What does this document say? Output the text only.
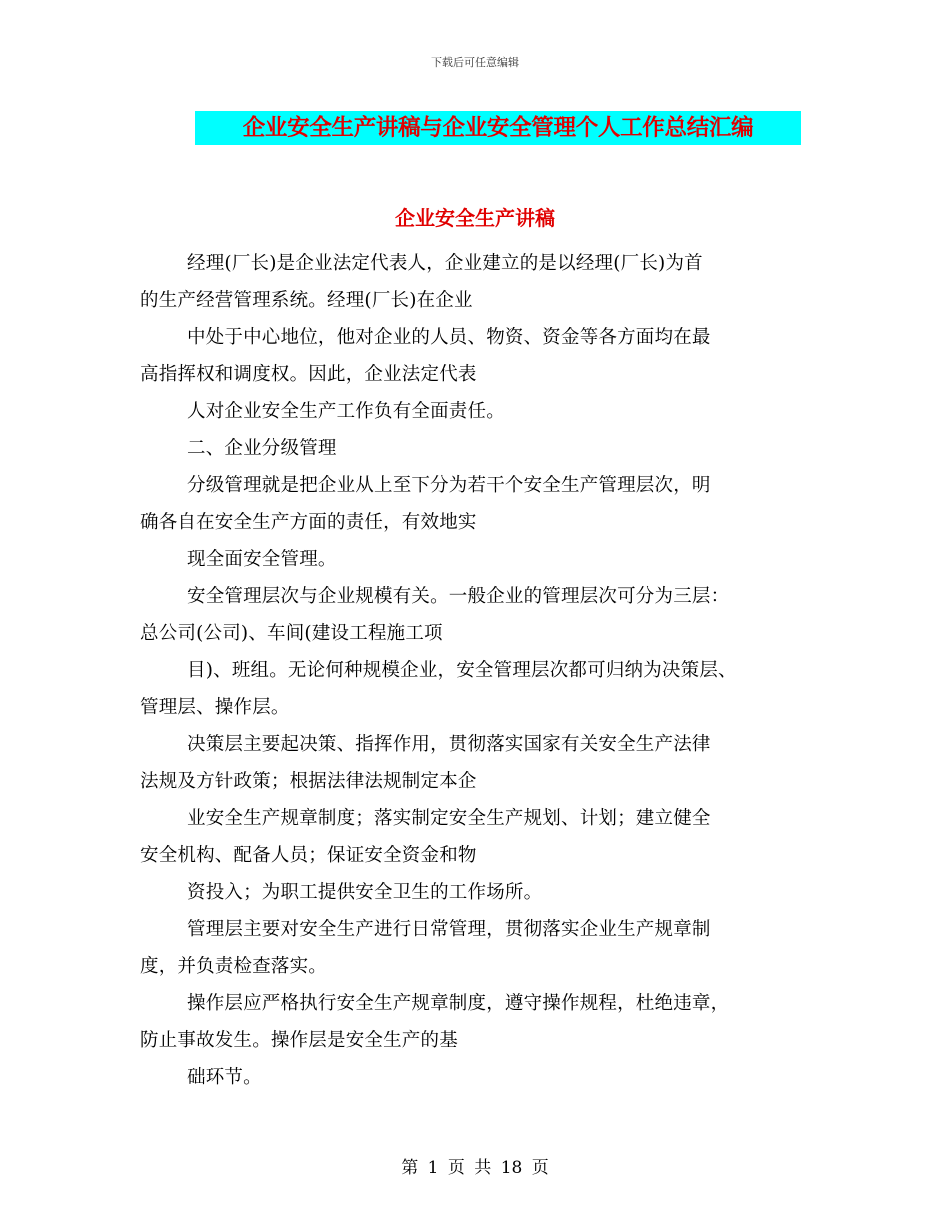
下载后可任意编辑
企业安全生产讲稿与企业安全管理个人工作总结汇编
企业安全生产讲稿
经理(厂长)是企业法定代表人，企业建立的是以经理(厂长)为首
的生产经营管理系统。经理(厂长)在企业
中处于中心地位，他对企业的人员、物资、资金等各方面均在最
高指挥权和调度权。因此，企业法定代表
人对企业安全生产工作负有全面责任。
二、企业分级管理
分级管理就是把企业从上至下分为若干个安全生产管理层次，明
确各自在安全生产方面的责任，有效地实
现全面安全管理。
安全管理层次与企业规模有关。一般企业的管理层次可分为三层：
总公司(公司)、车间(建设工程施工项
目)、班组。无论何种规模企业，安全管理层次都可归纳为决策层、
管理层、操作层。
决策层主要起决策、指挥作用，贯彻落实国家有关安全生产法律
法规及方针政策；根据法律法规制定本企
业安全生产规章制度；落实制定安全生产规划、计划；建立健全
安全机构、配备人员；保证安全资金和物
资投入；为职工提供安全卫生的工作场所。
管理层主要对安全生产进行日常管理，贯彻落实企业生产规章制
度，并负责检查落实。
操作层应严格执行安全生产规章制度，遵守操作规程，杜绝违章，
防止事故发生。操作层是安全生产的基
础环节。
第 1 页 共 18 页
